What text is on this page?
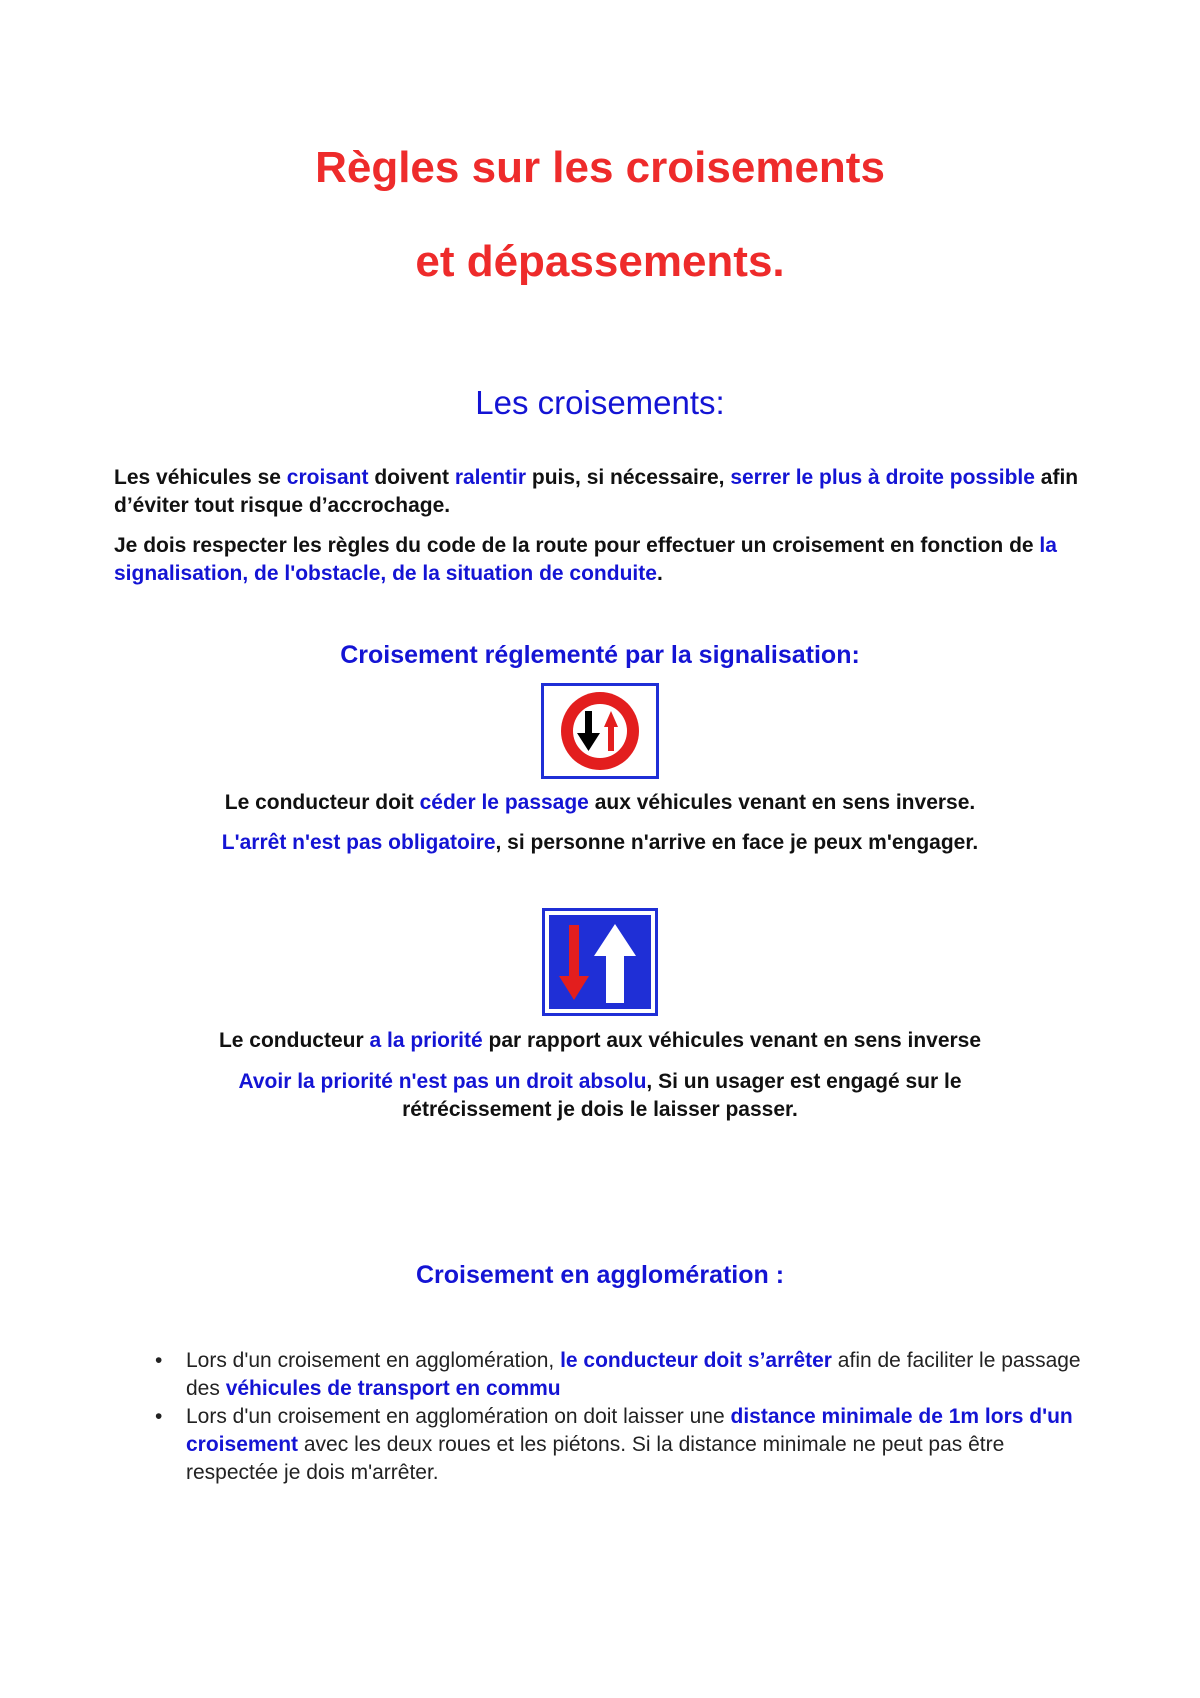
Règles sur les croisements
et dépassements.
Les croisements:

Les véhicules se croisant doivent ralentir puis, si nécessaire, serrer le plus à droite possible afin d’éviter tout risque d’accrochage.

Je dois respecter les règles du code de la route pour effectuer un croisement en fonction de la signalisation, de l'obstacle, de la situation de conduite.

Croisement réglementé par la signalisation:

Le conducteur doit céder le passage aux véhicules venant en sens inverse.

L'arrêt n'est pas obligatoire, si personne n'arrive en face je peux m'engager.

Le conducteur a la priorité par rapport aux véhicules venant en sens inverse

Avoir la priorité n'est pas un droit absolu, Si un usager est engagé sur le rétrécissement je dois le laisser passer.

Croisement en agglomération :
• Lors d'un croisement en agglomération, le conducteur doit s’arrêter afin de faciliter le passage des véhicules de transport en commu
• Lors d'un croisement en agglomération on doit laisser une distance minimale de 1m lors d'un croisement avec les deux roues et les piétons. Si la distance minimale ne peut pas être respectée je dois m'arrêter.
